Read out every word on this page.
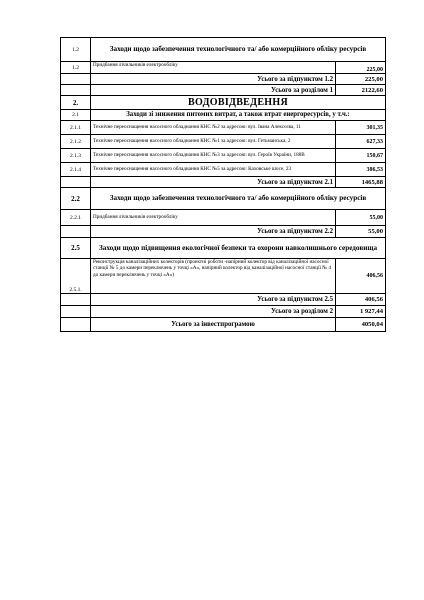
1.2	Заходи щодо забезпечення технологічного та/ або комерційного обліку ресурсів	
1.2	Придбання лічильників електрообліку	225,00
	Усього за підпунктом 1.2	225,00
	Усього за розділом 1	2122,60
2.	ВОДОВІДВЕДЕННЯ	
2.1	Заходи зі зниження питомих витрат, а також втрат енергоресурсів, у т.ч.:	
2.1.1	Технічне переоснащення насосного обладнання КНС №2 за адресою: вул. Івана Алексєєва, 11	301,35
2.1.2	Технічне переоснащення насосного обладнання КНС №1 за адресою: вул. Гетьманська, 2	627,33
2.1.3	Технічне переоснащення насосного обладнання КНС №3 за адресою: вул. Героїв України, 188В	150,67
2.1.4	Технічне переоснащення насосного обладнання КНС №5 за адресою: Каховське шосе, 23	386,53
	Усього за підпунктом 2.1	1465,88
2.2	Заходи щодо забезпечення технологічного та/ або комерційного обліку ресурсів	
2.2.1	Придбання лічильників електрообліку	55,00
	Усього за підпунктом 2.2	55,00
2.5	Заходи щодо підвищення екологічної безпеки та охорони навколишнього середовища	
2.5.1.	Реконструкція каналізаційних колекторів (проектні роботи -напірний колектор від каналізаційної насосної станції № 5 до камери переключень у точці «А», напірний колектор від каналізаційної насосної станції № 4 до камери переключень у точці «А»)	406,56
	Усього за підпунктом 2.5	406,56
	Усього за розділом 2	1 927,44
	Усього за інвестпрограмою	4050,04
